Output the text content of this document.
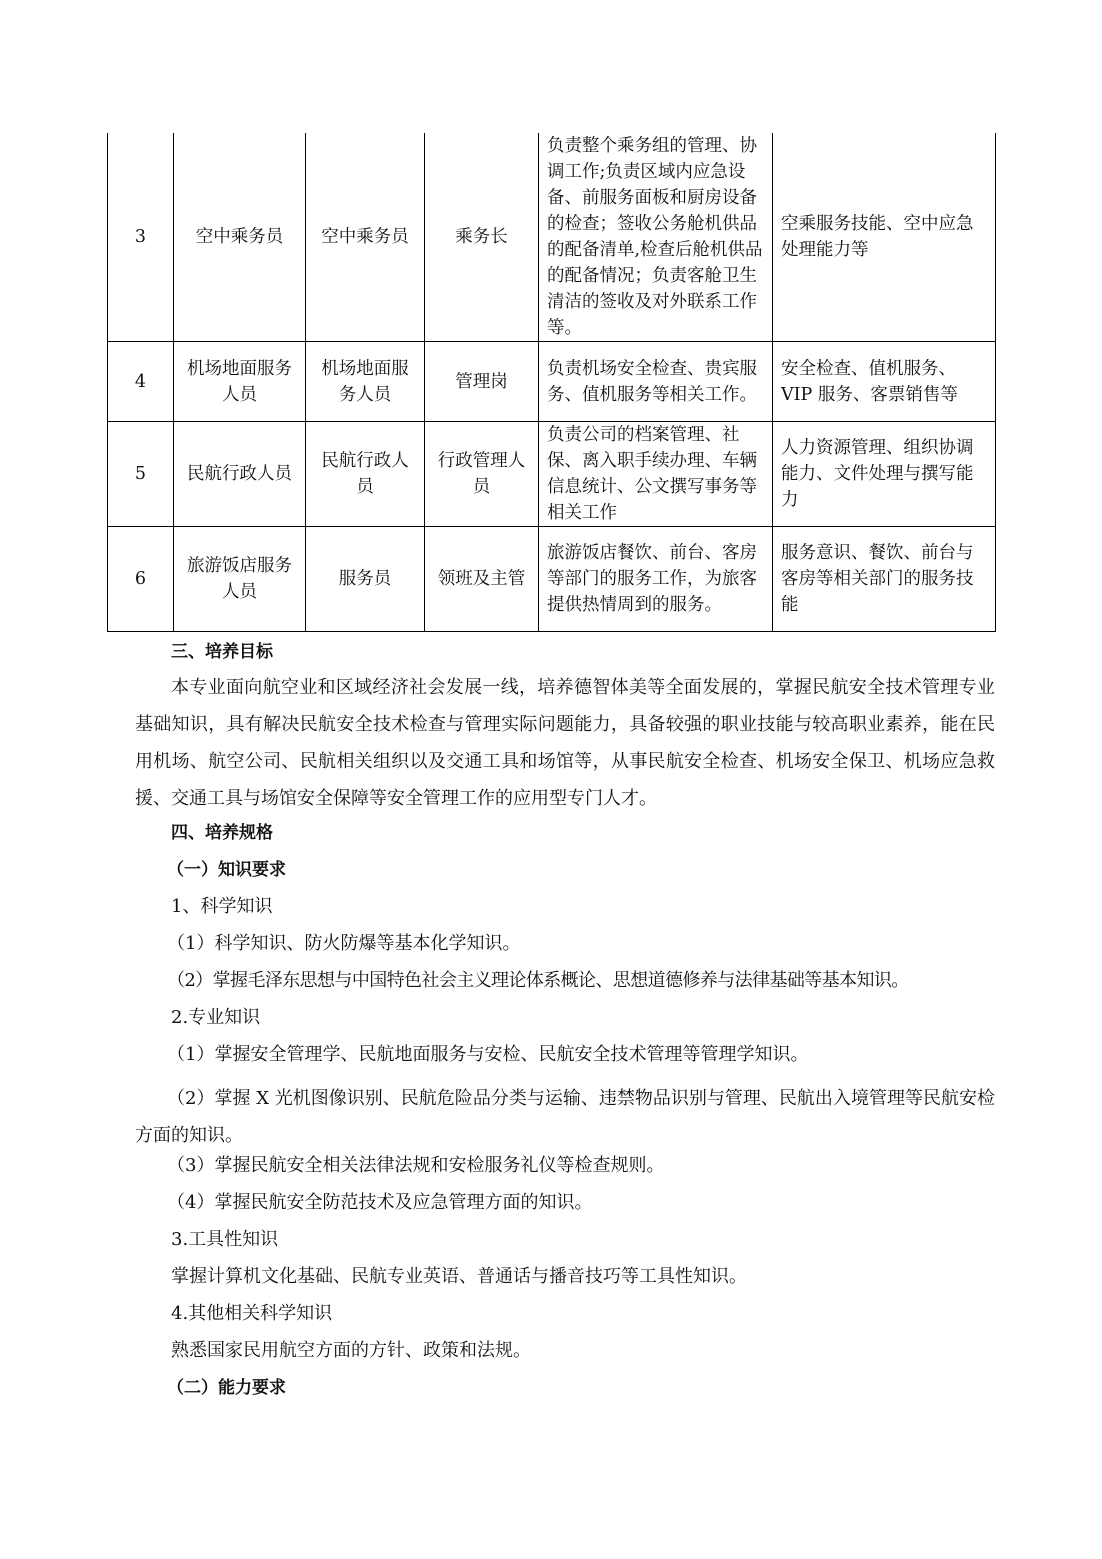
3	空中乘务员	空中乘务员	乘务长	负责整个乘务组的管理、协调工作;负责区域内应急设备、前服务面板和厨房设备的检查；签收公务舱机供品的配备清单,检查后舱机供品的配备情况；负责客舱卫生清洁的签收及对外联系工作等。	空乘服务技能、空中应急处理能力等
4	机场地面服务人员	机场地面服务人员	管理岗	负责机场安全检查、贵宾服务、值机服务等相关工作。	安全检查、值机服务、VIP 服务、客票销售等
5	民航行政人员	民航行政人员	行政管理人员	负责公司的档案管理、社保、离入职手续办理、车辆信息统计、公文撰写事务等相关工作	人力资源管理、组织协调能力、文件处理与撰写能力
6	旅游饭店服务人员	服务员	领班及主管	旅游饭店餐饮、前台、客房等部门的服务工作，为旅客提供热情周到的服务。	服务意识、餐饮、前台与客房等相关部门的服务技能
三、培养目标
本专业面向航空业和区域经济社会发展一线，培养德智体美等全面发展的，掌握民航安全技术管理专业基础知识，具有解决民航安全技术检查与管理实际问题能力，具备较强的职业技能与较高职业素养，能在民用机场、航空公司、民航相关组织以及交通工具和场馆等，从事民航安全检查、机场安全保卫、机场应急救援、交通工具与场馆安全保障等安全管理工作的应用型专门人才。
四、培养规格
（一）知识要求
1、科学知识
（1）科学知识、防火防爆等基本化学知识。
（2）掌握毛泽东思想与中国特色社会主义理论体系概论、思想道德修养与法律基础等基本知识。
2.专业知识
（1）掌握安全管理学、民航地面服务与安检、民航安全技术管理等管理学知识。
（2）掌握 X 光机图像识别、民航危险品分类与运输、违禁物品识别与管理、民航出入境管理等民航安检方面的知识。
（3）掌握民航安全相关法律法规和安检服务礼仪等检查规则。
（4）掌握民航安全防范技术及应急管理方面的知识。
3.工具性知识
掌握计算机文化基础、民航专业英语、普通话与播音技巧等工具性知识。
4.其他相关科学知识
熟悉国家民用航空方面的方针、政策和法规。
（二）能力要求
